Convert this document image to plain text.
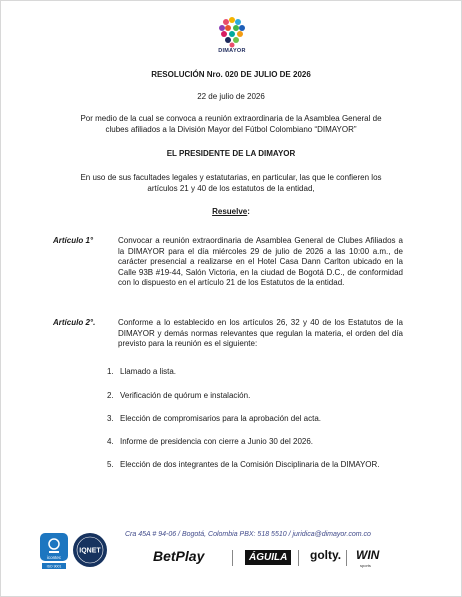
DIMAYOR
RESOLUCIÓN Nro. 020 DE JULIO DE 2026
22 de julio de 2026
Por medio de la cual se convoca a reunión extraordinaria de la Asamblea General de
clubes afiliados a la División Mayor del Fútbol Colombiano “DIMAYOR”
EL PRESIDENTE DE LA DIMAYOR
En uso de sus facultades legales y estatutarias, en particular, las que le confieren los
artículos 21 y 40 de los estatutos de la entidad,
Resuelve:
Artículo 1°	Convocar a reunión extraordinaria de Asamblea General de Clubes Afiliados a la DIMAYOR para el día miércoles 29 de julio de 2026 a las 10:00 a.m., de carácter presencial a realizarse en el Hotel Casa Dann Carlton ubicado en la Calle 93B #19-44, Salón Victoria, en la ciudad de Bogotá D.C., de conformidad con lo dispuesto en el artículo 21 de los Estatutos de la entidad.
Artículo 2°.	Conforme a lo establecido en los artículos 26, 32 y 40 de los Estatutos de la DIMAYOR y demás normas relevantes que regulan la materia, el orden del día previsto para la reunión es el siguiente:
1. Llamado a lista.
2. Verificación de quórum e instalación.
3. Elección de compromisarios para la aprobación del acta.
4. Informe de presidencia con cierre a Junio 30 del 2026.
5. Elección de dos integrantes de la Comisión Disciplinaria de la DIMAYOR.
icontec
ISO 9001
IQNET
Cra 45A # 94-06 / Bogotá, Colombia PBX: 518 5510 / juridica@dimayor.com.co
BetPlay	ÁGUILA	golty. WIN
sports
